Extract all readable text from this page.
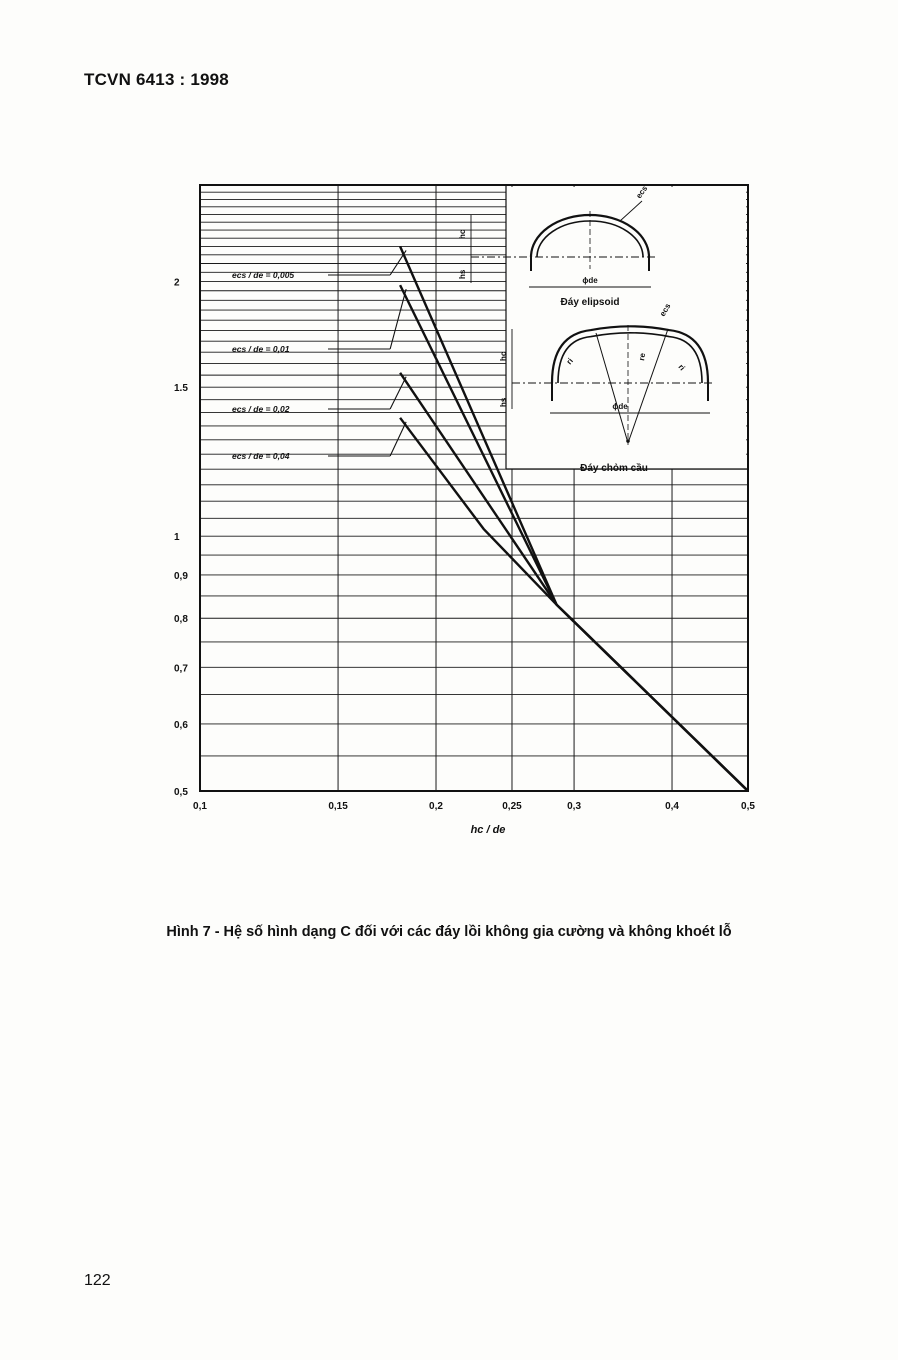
TCVN 6413 : 1998
0,5
0,6
0,7
0,8
0,9
1
1.5
2
0,1	0,15	0,2	0,25	0,3	0,4	0,5
hc / de
ϕde
hc
hs
ecs
Đáy elipsoid
ϕde
hc
hs
ri
ri
re
ecs
Đáy chỏm cầu
ecs / de = 0,005
ecs / de = 0,01
ecs / de = 0,02
ecs / de = 0,04
Hình 7 - Hệ số hình dạng C đối với các đáy lồi không gia cường và không khoét lỗ
122
